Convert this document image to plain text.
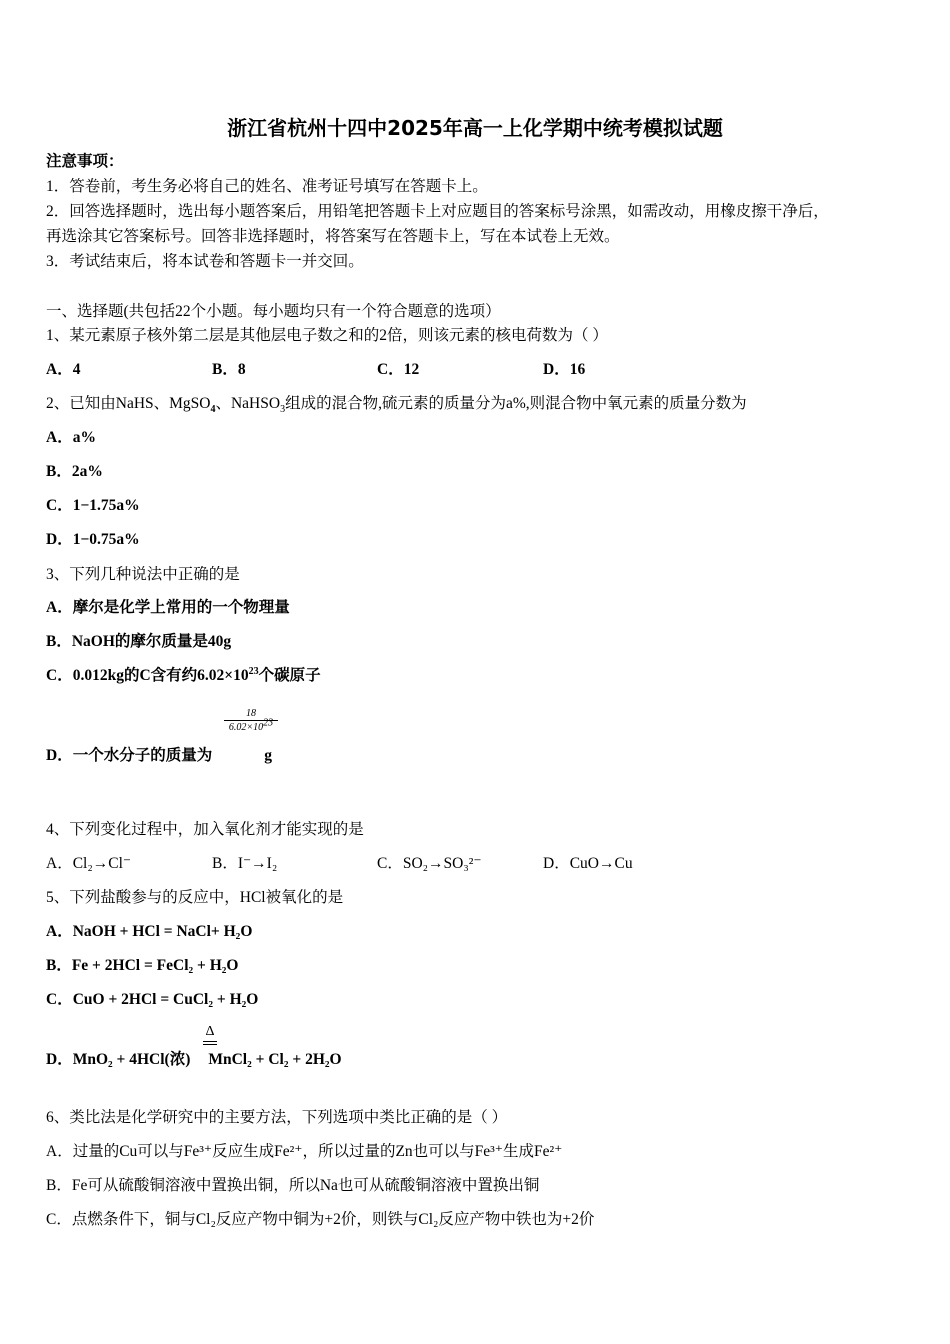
浙江省杭州十四中2025年高一上化学期中统考模拟试题
注意事项：
1．答卷前，考生务必将自己的姓名、准考证号填写在答题卡上。
2．回答选择题时，选出每小题答案后，用铅笔把答题卡上对应题目的答案标号涂黑，如需改动，用橡皮擦干净后，
再选涂其它答案标号。回答非选择题时，将答案写在答题卡上，写在本试卷上无效。
3．考试结束后，将本试卷和答题卡一并交回。
一、选择题(共包括22个小题。每小题均只有一个符合题意的选项）
1、某元素原子核外第二层是其他层电子数之和的2倍，则该元素的核电荷数为（ ）
A．4	B．8	C．12	D．16
2、已知由NaHS、MgSO$_4$、NaHSO$_3$组成的混合物,硫元素的质量分为a%,则混合物中氧元素的质量分数为
A．a%
B．2a%
C．1−1.75a%
D．1−0.75a%
3、下列几种说法中正确的是
A．摩尔是化学上常用的一个物理量
B．NaOH的摩尔质量是40g
C．0.012kg的C含有约$6.02\times 10^{23}$个碳原子
$\frac{18}{6.02\times 10^{23}}$
D．一个水分子的质量为	g
4、下列变化过程中，加入氧化剂才能实现的是
A．Cl₂→Cl⁻	B．I⁻→I₂	C．SO₂→SO₃²⁻	D．CuO→Cu
5、下列盐酸参与的反应中，HCl被氧化的是
A．NaOH + HCl = NaCl+ H₂O
B．Fe + 2HCl = FeCl₂ + H₂O
C．CuO + 2HCl = CuCl₂ + H₂O
Δ
D．MnO₂ + 4HCl(浓) MnCl₂ + Cl₂ + 2H₂O
6、类比法是化学研究中的主要方法，下列选项中类比正确的是（ ）
A．过量的Cu可以与Fe³⁺反应生成Fe²⁺，所以过量的Zn也可以与Fe³⁺生成Fe²⁺
B．Fe可从硫酸铜溶液中置换出铜，所以Na也可从硫酸铜溶液中置换出铜
C．点燃条件下，铜与Cl₂反应产物中铜为+2价，则铁与Cl₂反应产物中铁也为+2价
